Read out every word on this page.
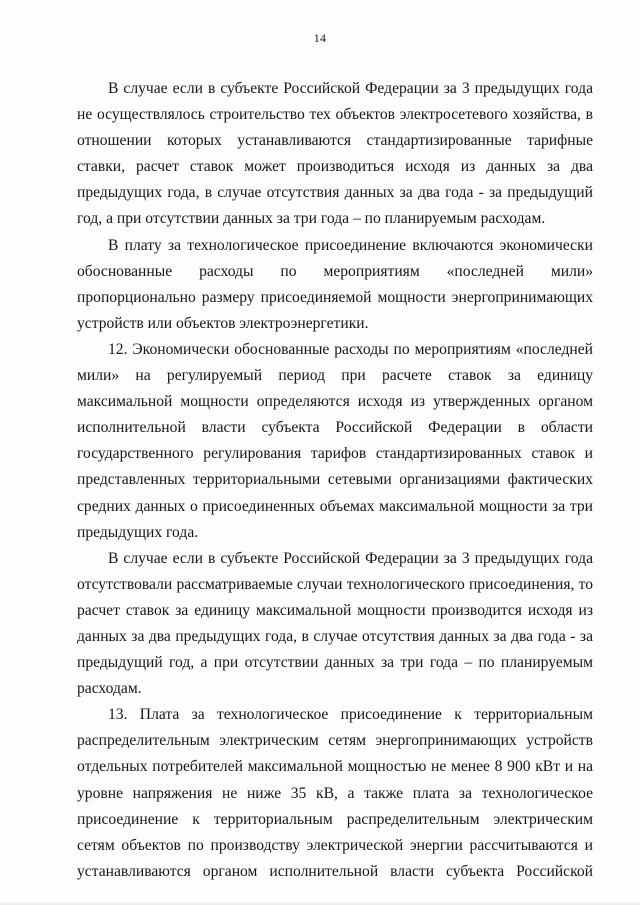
14

В случае если в субъекте Российской Федерации за 3 предыдущих года не осуществлялось строительство тех объектов электросетевого хозяйства, в отношении которых устанавливаются стандартизированные тарифные ставки, расчет ставок может производиться исходя из данных за два предыдущих года, в случае отсутствия данных за два года - за предыдущий год, а при отсутствии данных за три года – по планируемым расходам.

В плату за технологическое присоединение включаются экономически обоснованные расходы по мероприятиям «последней мили» пропорционально размеру присоединяемой мощности энергопринимающих устройств или объектов электроэнергетики.

12. Экономически обоснованные расходы по мероприятиям «последней мили» на регулируемый период при расчете ставок за единицу максимальной мощности определяются исходя из утвержденных органом исполнительной власти субъекта Российской Федерации в области государственного регулирования тарифов стандартизированных ставок и представленных территориальными сетевыми организациями фактических средних данных о присоединенных объемах максимальной мощности за три предыдущих года.

В случае если в субъекте Российской Федерации за 3 предыдущих года отсутствовали рассматриваемые случаи технологического присоединения, то расчет ставок за единицу максимальной мощности производится исходя из данных за два предыдущих года, в случае отсутствия данных за два года - за предыдущий год, а при отсутствии данных за три года – по планируемым расходам.

13. Плата за технологическое присоединение к территориальным распределительным электрическим сетям энергопринимающих устройств отдельных потребителей максимальной мощностью не менее 8 900 кВт и на уровне напряжения не ниже 35 кВ, а также плата за технологическое присоединение к территориальным распределительным электрическим сетям объектов по производству электрической энергии рассчитываются и устанавливаются органом исполнительной власти субъекта Российской
